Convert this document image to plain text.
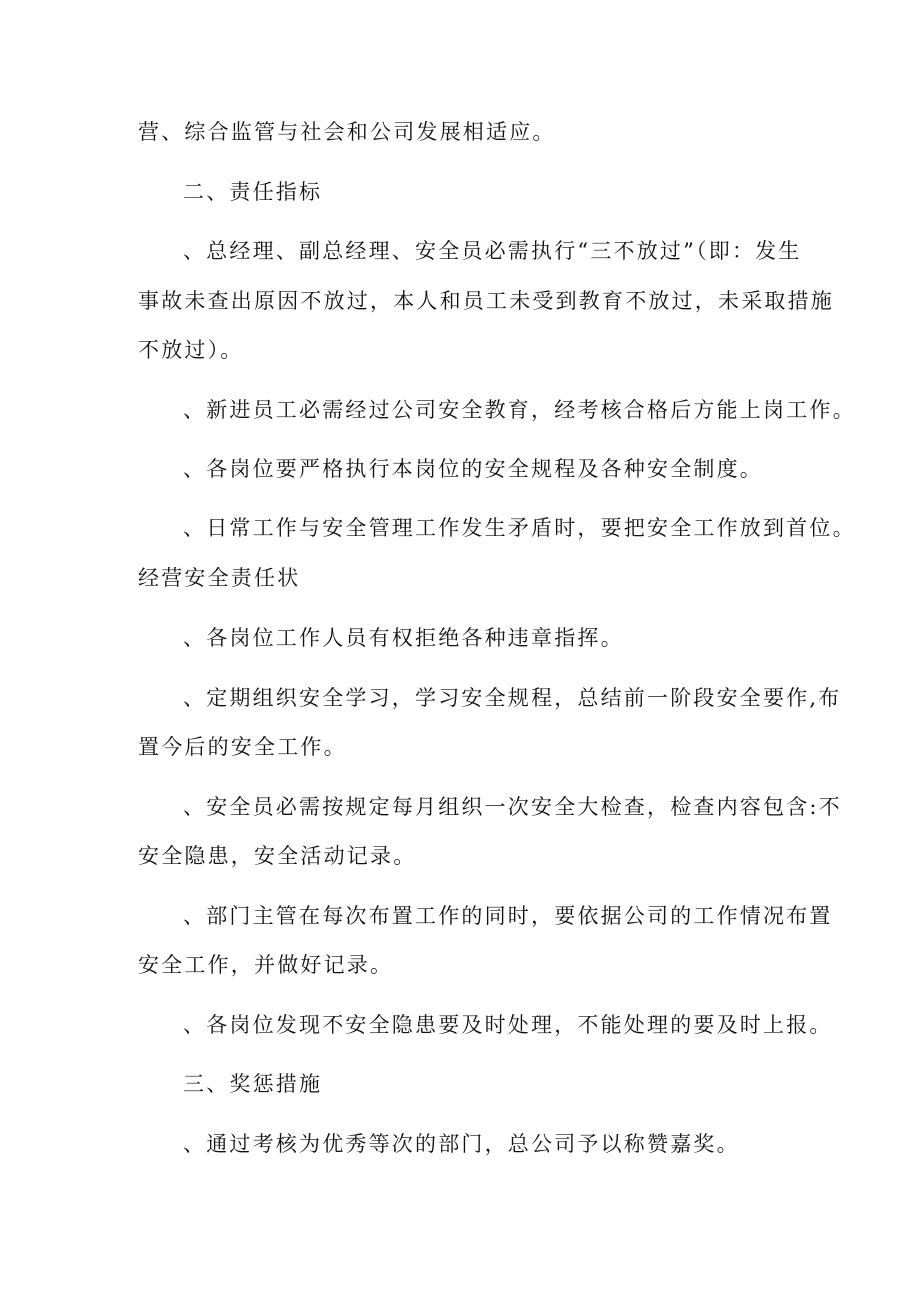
营、综合监管与社会和公司发展相适应。
二、责任指标
、总经理、副总经理、安全员必需执行“三不放过”（即：发生
事故未查出原因不放过，本人和员工未受到教育不放过，未采取措施
不放过）。
、新进员工必需经过公司安全教育，经考核合格后方能上岗工作。
、各岗位要严格执行本岗位的安全规程及各种安全制度。
、日常工作与安全管理工作发生矛盾时，要把安全工作放到首位。
经营安全责任状
、各岗位工作人员有权拒绝各种违章指挥。
、定期组织安全学习，学习安全规程，总结前一阶段安全要作,布
置今后的安全工作。
、安全员必需按规定每月组织一次安全大检查，检查内容包含:不
安全隐患，安全活动记录。
、部门主管在每次布置工作的同时，要依据公司的工作情况布置
安全工作，并做好记录。
、各岗位发现不安全隐患要及时处理，不能处理的要及时上报。
三、奖惩措施
、通过考核为优秀等次的部门，总公司予以称赞嘉奖。
